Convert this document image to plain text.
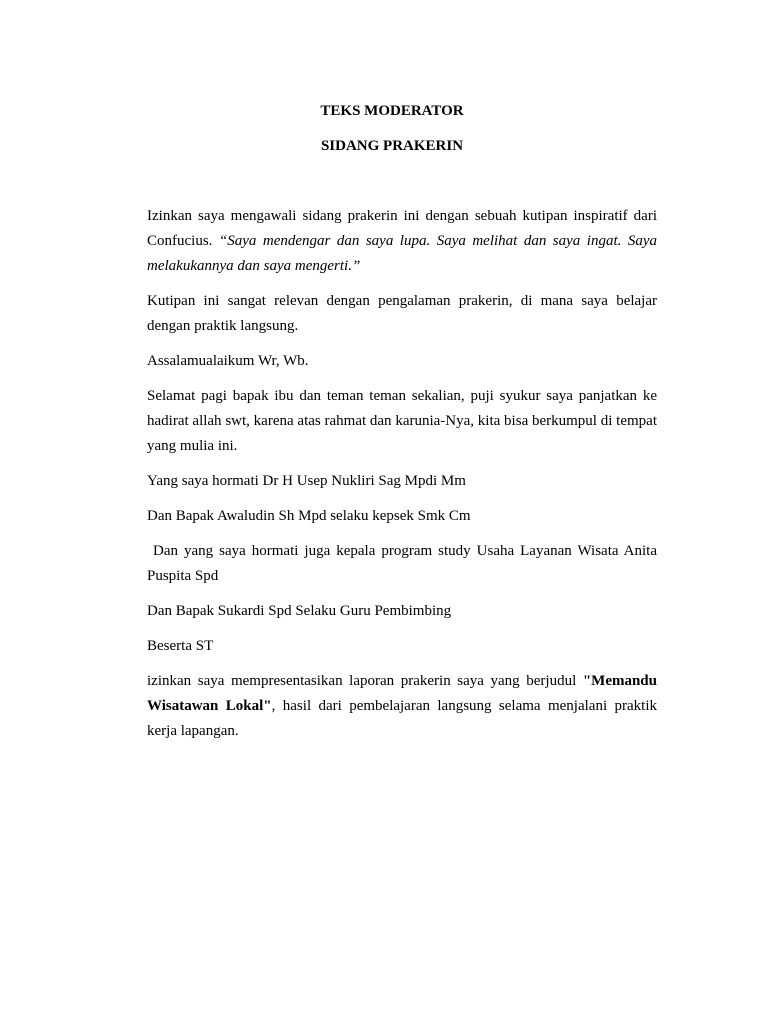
TEKS MODERATOR
SIDANG PRAKERIN

Izinkan saya mengawali sidang prakerin ini dengan sebuah kutipan inspiratif dari Confucius. “Saya mendengar dan saya lupa. Saya melihat dan saya ingat. Saya melakukannya dan saya mengerti.”

Kutipan ini sangat relevan dengan pengalaman prakerin, di mana saya belajar dengan praktik langsung.

Assalamualaikum Wr, Wb.

Selamat pagi bapak ibu dan teman teman sekalian, puji syukur saya panjatkan ke hadirat allah swt, karena atas rahmat dan karunia-Nya, kita bisa berkumpul di tempat yang mulia ini.

Yang saya hormati Dr H Usep Nukliri Sag Mpdi Mm

Dan Bapak Awaludin Sh Mpd selaku kepsek Smk Cm

Dan yang saya hormati juga kepala program study Usaha Layanan Wisata Anita Puspita Spd

Dan Bapak Sukardi Spd Selaku Guru Pembimbing

Beserta ST

izinkan saya mempresentasikan laporan prakerin saya yang berjudul "Memandu Wisatawan Lokal", hasil dari pembelajaran langsung selama menjalani praktik kerja lapangan.
